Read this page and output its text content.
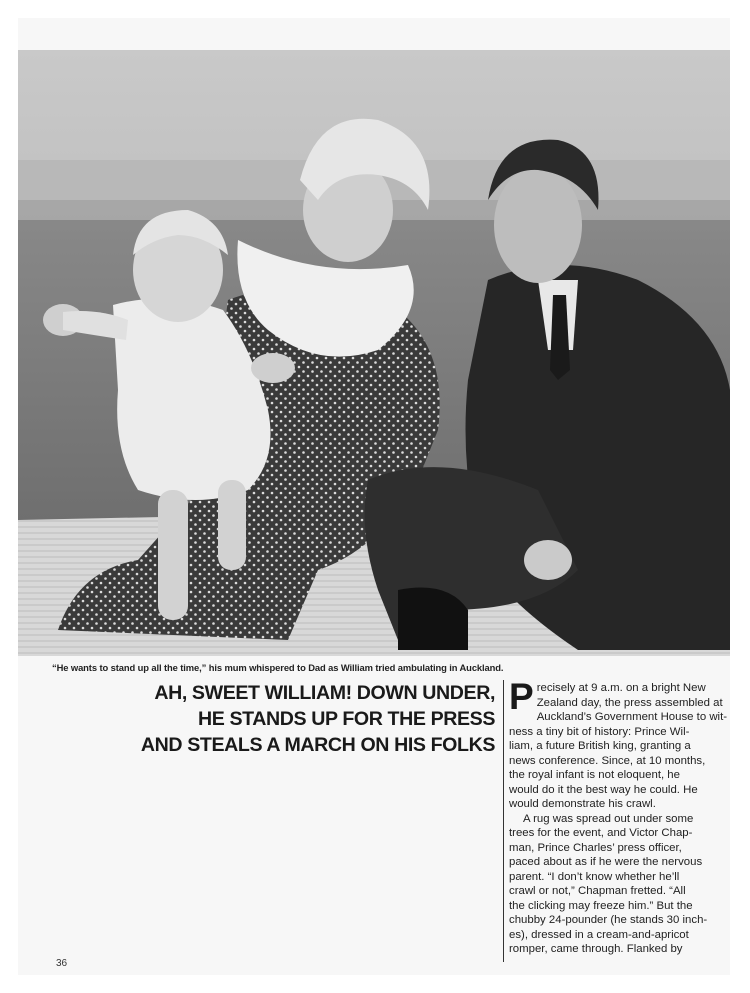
“He wants to stand up all the time,” his mum whispered to Dad as William tried ambulating in Auckland.
AH, SWEET WILLIAM! DOWN UNDER,
HE STANDS UP FOR THE PRESS
AND STEALS A MARCH ON HIS FOLKS
P recisely at 9 a.m. on a bright New
Zealand day, the press assembled at
Auckland’s Government House to wit-
ness a tiny bit of history: Prince Wil-
liam, a future British king, granting a
news conference. Since, at 10 months,
the royal infant is not eloquent, he
would do it the best way he could. He
would demonstrate his crawl.
A rug was spread out under some
trees for the event, and Victor Chap-
man, Prince Charles’ press officer,
paced about as if he were the nervous
parent. “I don’t know whether he’ll
crawl or not,” Chapman fretted. “All
the clicking may freeze him.” But the
chubby 24-pounder (he stands 30 inch-
es), dressed in a cream-and-apricot
romper, came through. Flanked by
36
